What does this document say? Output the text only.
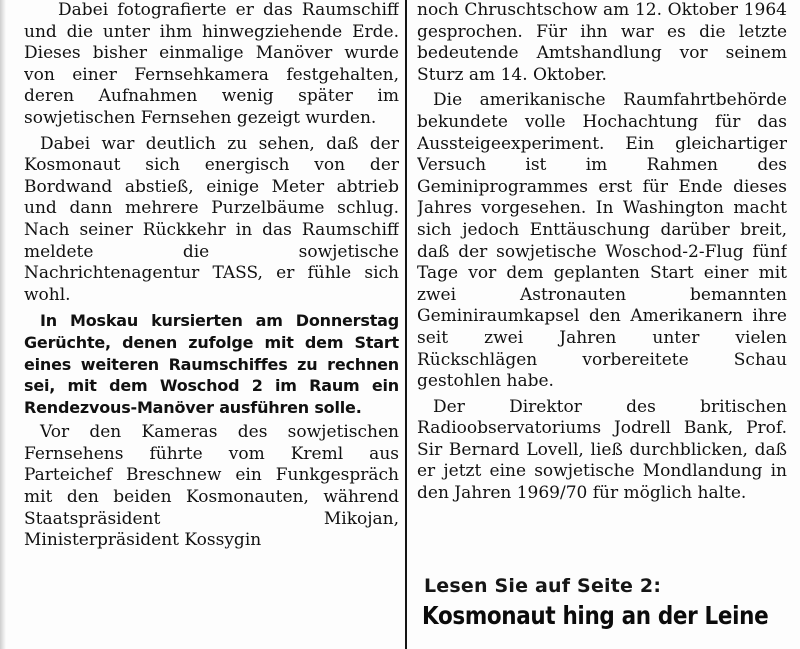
Dabei fotografierte er das Raumschiff und die unter ihm hinwegziehende Erde. Dieses bisher einmalige Manöver wurde von einer Fernsehkamera festgehalten, deren Aufnahmen wenig später im sowjetischen Fernsehen gezeigt wurden.

Dabei war deutlich zu sehen, daß der Kosmonaut sich energisch von der Bordwand abstieß, einige Meter abtrieb und dann mehrere Purzelbäume schlug. Nach seiner Rückkehr in das Raumschiff meldete die sowjetische Nachrichtenagentur TASS, er fühle sich wohl.

In Moskau kursierten am Donnerstag Gerüchte, denen zufolge mit dem Start eines weiteren Raumschiffes zu rechnen sei, mit dem Woschod 2 im Raum ein Rendezvous-Manöver ausführen solle.

Vor den Kameras des sowjetischen Fernsehens führte vom Kreml aus Parteichef Breschnew ein Funkgespräch mit den beiden Kosmonauten, während Staatspräsident Mikojan, Ministerpräsident Kossygin

noch Chruschtschow am 12. Oktober 1964 gesprochen. Für ihn war es die letzte bedeutende Amtshandlung vor seinem Sturz am 14. Oktober.

Die amerikanische Raumfahrtbehörde bekundete volle Hochachtung für das Aussteigeexperiment. Ein gleichartiger Versuch ist im Rahmen des Geminiprogrammes erst für Ende dieses Jahres vorgesehen. In Washington macht sich jedoch Enttäuschung darüber breit, daß der sowjetische Woschod-2-Flug fünf Tage vor dem geplanten Start einer mit zwei Astronauten bemannten Geminiraumkapsel den Amerikanern ihre seit zwei Jahren unter vielen Rückschlägen vorbereitete Schau gestohlen habe.

Der Direktor des britischen Radioobservatoriums Jodrell Bank, Prof. Sir Bernard Lovell, ließ durchblicken, daß er jetzt eine sowjetische Mondlandung in den Jahren 1969/70 für möglich halte.

Lesen Sie auf Seite 2:
Kosmonaut hing an der Leine
